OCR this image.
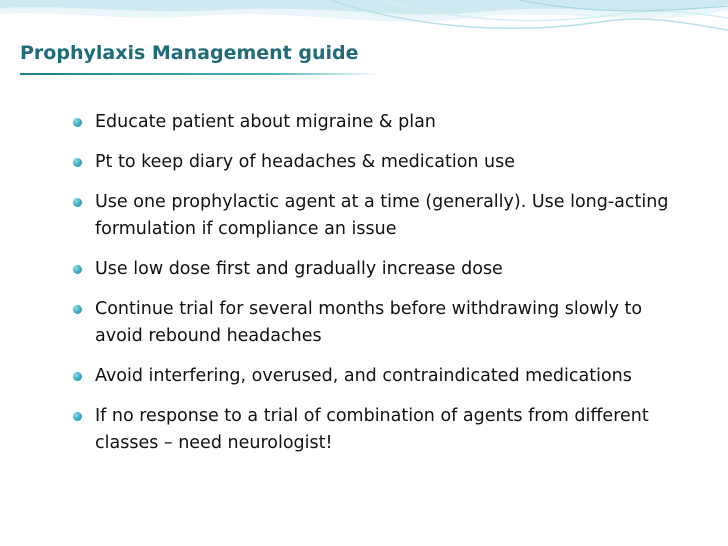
Prophylaxis Management guide
Educate patient about migraine & plan
Pt to keep diary of headaches & medication use
Use one prophylactic agent at a time (generally). Use long-acting formulation if compliance an issue
Use low dose first and gradually increase dose
Continue trial for several months before withdrawing slowly to avoid rebound headaches
Avoid interfering, overused, and contraindicated medications
If no response to a trial of combination of agents from different classes – need neurologist!
